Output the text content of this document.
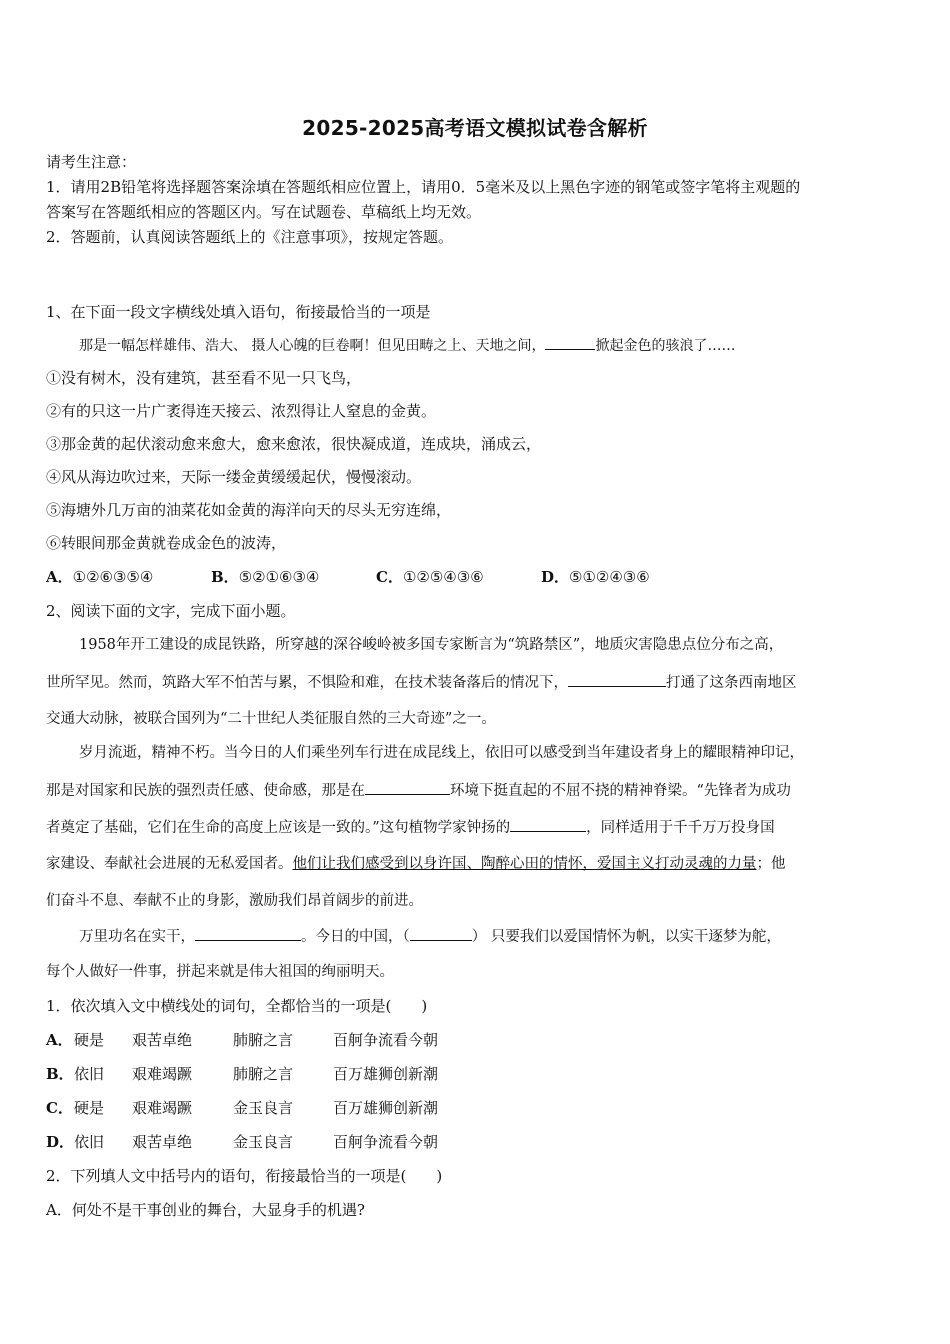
2025-2025高考语文模拟试卷含解析
请考生注意：
1．请用2B铅笔将选择题答案涂填在答题纸相应位置上，请用0．5毫米及以上黑色字迹的钢笔或签字笔将主观题的
答案写在答题纸相应的答题区内。写在试题卷、草稿纸上均无效。
2．答题前，认真阅读答题纸上的《注意事项》，按规定答题。
1、在下面一段文字横线处填入语句，衔接最恰当的一项是
那是一幅怎样雄伟、浩大、 摄人心魄的巨卷啊！但见田畴之上、天地之间，	掀起金色的骇浪了……
①没有树木，没有建筑，甚至看不见一只飞鸟，
②有的只这一片广袤得连天接云、浓烈得让人窒息的金黄。
③那金黄的起伏滚动愈来愈大，愈来愈浓，很快凝成道，连成块，涌成云，
④风从海边吹过来，天际一缕金黄缓缓起伏，慢慢滚动。
⑤海塘外几万亩的油菜花如金黄的海洋向天的尽头无穷连绵，
⑥转眼间那金黄就卷成金色的波涛，
A．①②⑥③⑤④	B．⑤②①⑥③④	C．①②⑤④③⑥	D．⑤①②④③⑥
2、阅读下面的文字，完成下面小题。
1958年开工建设的成昆铁路，所穿越的深谷峻岭被多国专家断言为“筑路禁区”，地质灾害隐患点位分布之高，
世所罕见。然而，筑路大军不怕苦与累，不惧险和难，在技术装备落后的情况下，	打通了这条西南地区
交通大动脉，被联合国列为“二十世纪人类征服自然的三大奇迹”之一。
岁月流逝，精神不朽。当今日的人们乘坐列车行进在成昆线上，依旧可以感受到当年建设者身上的耀眼精神印记，
那是对国家和民族的强烈责任感、使命感，那是在	环境下挺直起的不屈不挠的精神脊梁。“先锋者为成功
者奠定了基础，它们在生命的高度上应该是一致的。”这句植物学家钟扬的	，同样适用于千千万万投身国
家建设、奉献社会进展的无私爱国者。他们让我们感受到以身许国、陶醉心田的情怀，爱国主义打动灵魂的力量；他
们奋斗不息、奉献不止的身影，激励我们昂首阔步的前进。
万里功名在实干，	。今日的中国，（	） 只要我们以爱国情怀为帆，以实干逐梦为舵，
每个人做好一件事，拼起来就是伟大祖国的绚丽明天。
1．依次填入文中横线处的词句，全都恰当的一项是(　　)
A．硬是 艰苦卓绝	肺腑之言	百舸争流看今朝
B．依旧 艰难竭蹶	肺腑之言	百万雄狮创新潮
C．硬是 艰难竭蹶	金玉良言	百万雄狮创新潮
D．依旧 艰苦卓绝	金玉良言	百舸争流看今朝
2．下列填人文中括号内的语句，衔接最恰当的一项是(　　)
A．何处不是干事创业的舞台，大显身手的机遇?
